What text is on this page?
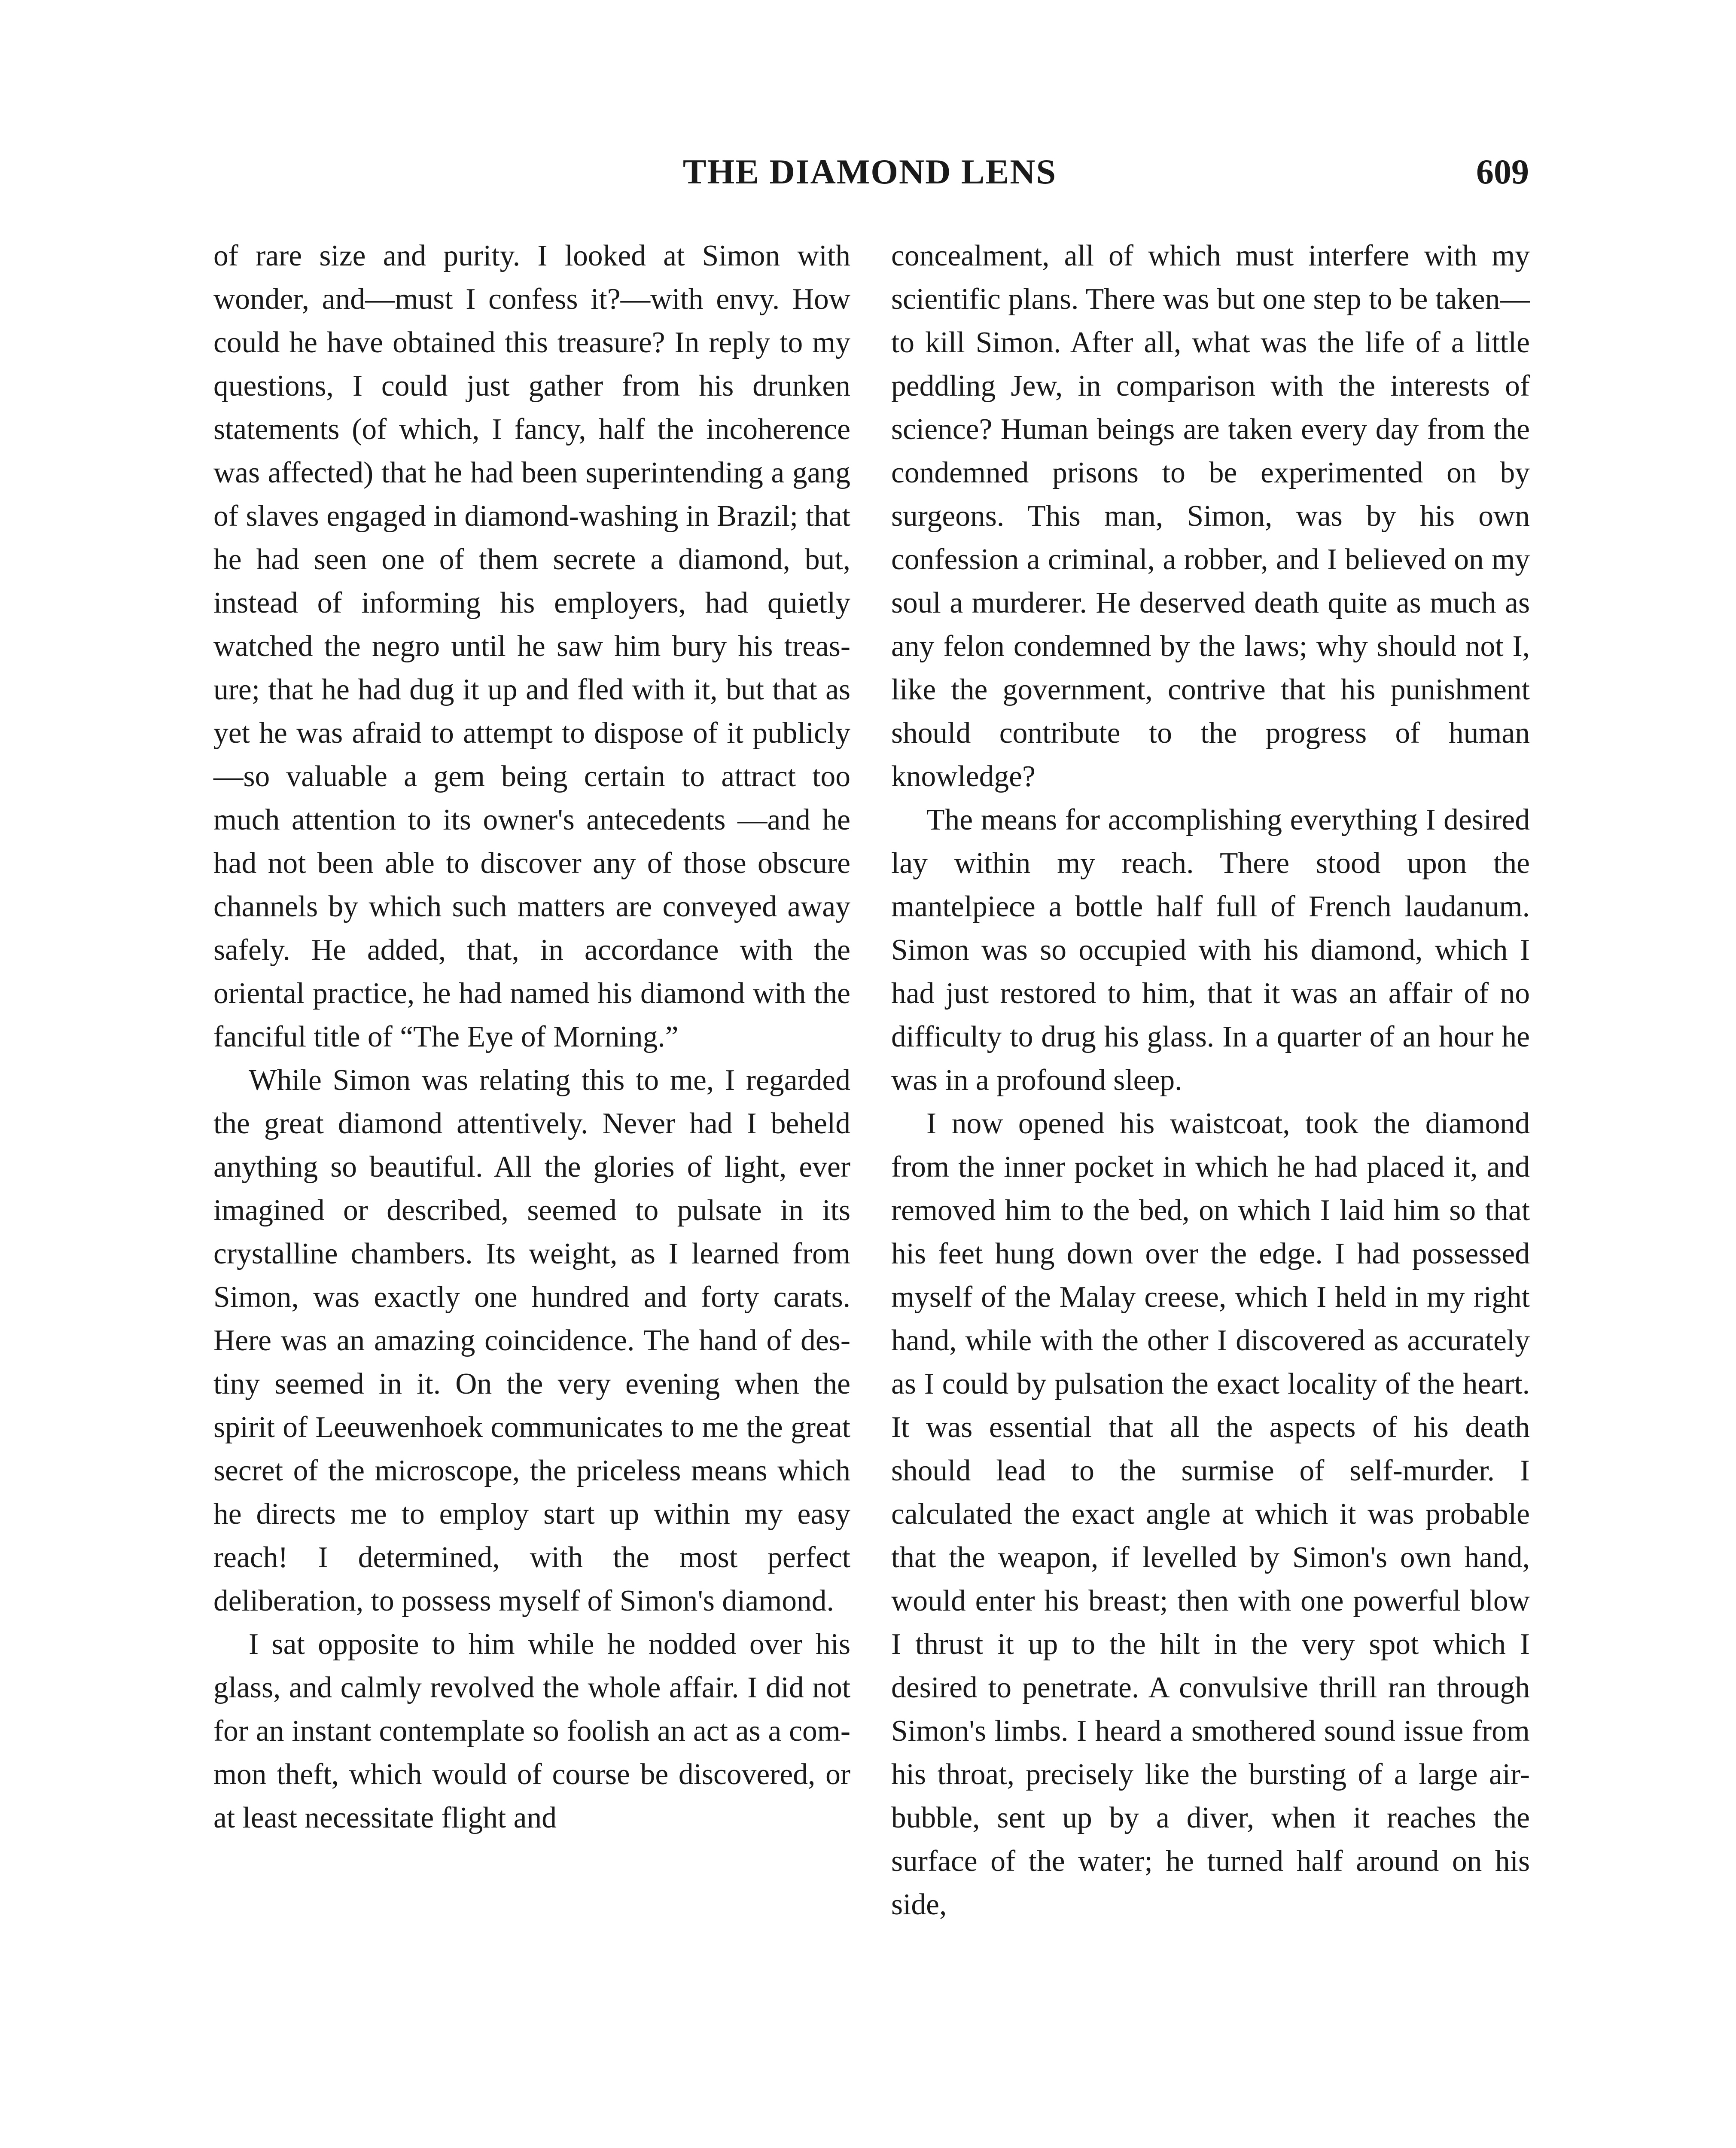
THE DIAMOND LENS	609

of rare size and purity. I looked at Simon with wonder, and—must I confess it?—with envy. How could he have obtained this treasure? In reply to my questions, I could just gather from his drunken statements (of which, I fancy, half the incoherence was affected) that he had been superintending a gang of slaves engaged in diamond-washing in Brazil; that he had seen one of them secrete a diamond, but, instead of informing his employers, had quietly watched the negro until he saw him bury his treasure; that he had dug it up and fled with it, but that as yet he was afraid to attempt to dispose of it publicly—so valuable a gem being certain to attract too much attention to its owner's antecedents —and he had not been able to discover any of those obscure channels by which such matters are conveyed away safely. He added, that, in accordance with the oriental practice, he had named his diamond with the fanciful title of “The Eye of Morning.”

While Simon was relating this to me, I regarded the great diamond attentively. Never had I beheld anything so beautiful. All the glories of light, ever imagined or described, seemed to pulsate in its crystalline chambers. Its weight, as I learned from Simon, was exactly one hundred and forty carats. Here was an amazing coincidence. The hand of destiny seemed in it. On the very evening when the spirit of Leeuwenhoek communicates to me the great secret of the microscope, the priceless means which he directs me to employ start up within my easy reach! I determined, with the most perfect deliberation, to possess myself of Simon's diamond.

I sat opposite to him while he nodded over his glass, and calmly revolved the whole affair. I did not for an instant contemplate so foolish an act as a common theft, which would of course be discovered, or at least necessitate flight and

concealment, all of which must interfere with my scientific plans. There was but one step to be taken—to kill Simon. After all, what was the life of a little peddling Jew, in comparison with the interests of science? Human beings are taken every day from the condemned prisons to be experimented on by surgeons. This man, Simon, was by his own confession a criminal, a robber, and I believed on my soul a murderer. He deserved death quite as much as any felon condemned by the laws; why should not I, like the government, contrive that his punishment should contribute to the progress of human knowledge?

The means for accomplishing everything I desired lay within my reach. There stood upon the mantelpiece a bottle half full of French laudanum. Simon was so occupied with his diamond, which I had just restored to him, that it was an affair of no difficulty to drug his glass. In a quarter of an hour he was in a profound sleep.

I now opened his waistcoat, took the diamond from the inner pocket in which he had placed it, and removed him to the bed, on which I laid him so that his feet hung down over the edge. I had possessed myself of the Malay creese, which I held in my right hand, while with the other I discovered as accurately as I could by pulsation the exact locality of the heart. It was essential that all the aspects of his death should lead to the surmise of self-murder. I calculated the exact angle at which it was probable that the weapon, if levelled by Simon's own hand, would enter his breast; then with one powerful blow I thrust it up to the hilt in the very spot which I desired to penetrate. A convulsive thrill ran through Simon's limbs. I heard a smothered sound issue from his throat, precisely like the bursting of a large air-bubble, sent up by a diver, when it reaches the surface of the water; he turned half around on his side,
